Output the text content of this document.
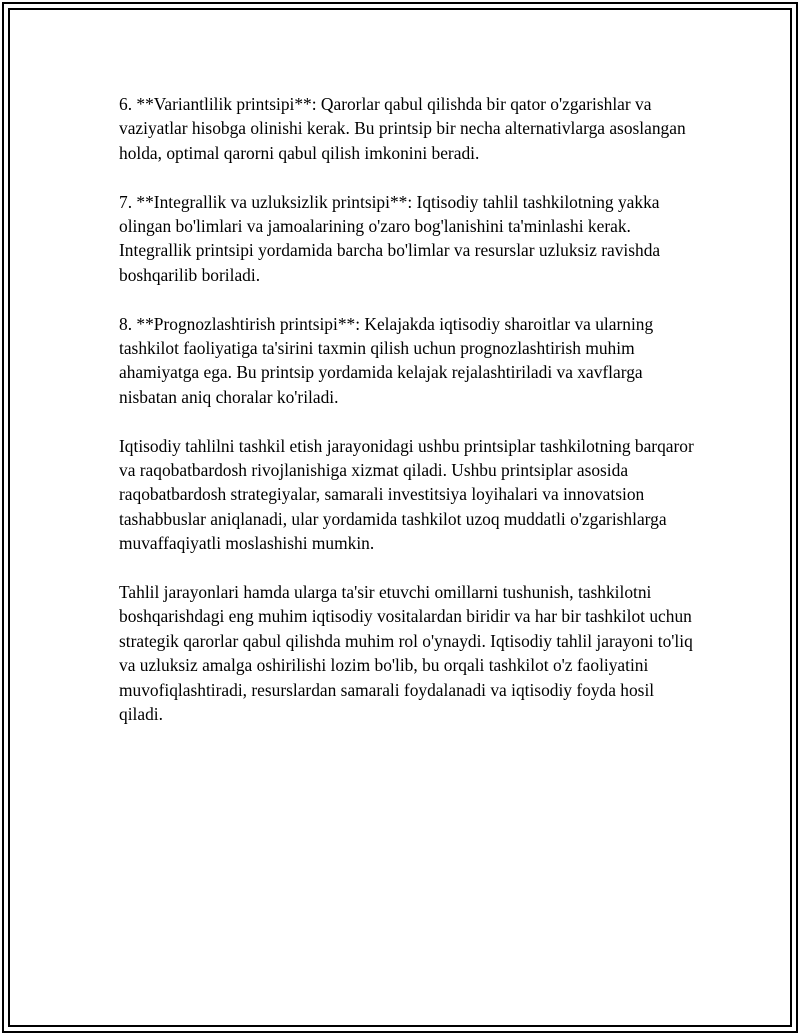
6. **Variantlilik printsipi**: Qarorlar qabul qilishda bir qator o'zgarishlar va vaziyatlar hisobga olinishi kerak. Bu printsip bir necha alternativlarga asoslangan holda, optimal qarorni qabul qilish imkonini beradi.

7. **Integrallik va uzluksizlik printsipi**: Iqtisodiy tahlil tashkilotning yakka olingan bo'limlari va jamoalarining o'zaro bog'lanishini ta'minlashi kerak. Integrallik printsipi yordamida barcha bo'limlar va resurslar uzluksiz ravishda boshqarilib boriladi.

8. **Prognozlashtirish printsipi**: Kelajakda iqtisodiy sharoitlar va ularning tashkilot faoliyatiga ta'sirini taxmin qilish uchun prognozlashtirish muhim ahamiyatga ega. Bu printsip yordamida kelajak rejalashtiriladi va xavflarga nisbatan aniq choralar ko'riladi.

Iqtisodiy tahlilni tashkil etish jarayonidagi ushbu printsiplar tashkilotning barqaror va raqobatbardosh rivojlanishiga xizmat qiladi. Ushbu printsiplar asosida raqobatbardosh strategiyalar, samarali investitsiya loyihalari va innovatsion tashabbuslar aniqlanadi, ular yordamida tashkilot uzoq muddatli o'zgarishlarga muvaffaqiyatli moslashishi mumkin.

Tahlil jarayonlari hamda ularga ta'sir etuvchi omillarni tushunish, tashkilotni boshqarishdagi eng muhim iqtisodiy vositalardan biridir va har bir tashkilot uchun strategik qarorlar qabul qilishda muhim rol o'ynaydi. Iqtisodiy tahlil jarayoni to'liq va uzluksiz amalga oshirilishi lozim bo'lib, bu orqali tashkilot o'z faoliyatini muvofiqlashtiradi, resurslardan samarali foydalanadi va iqtisodiy foyda hosil qiladi.
